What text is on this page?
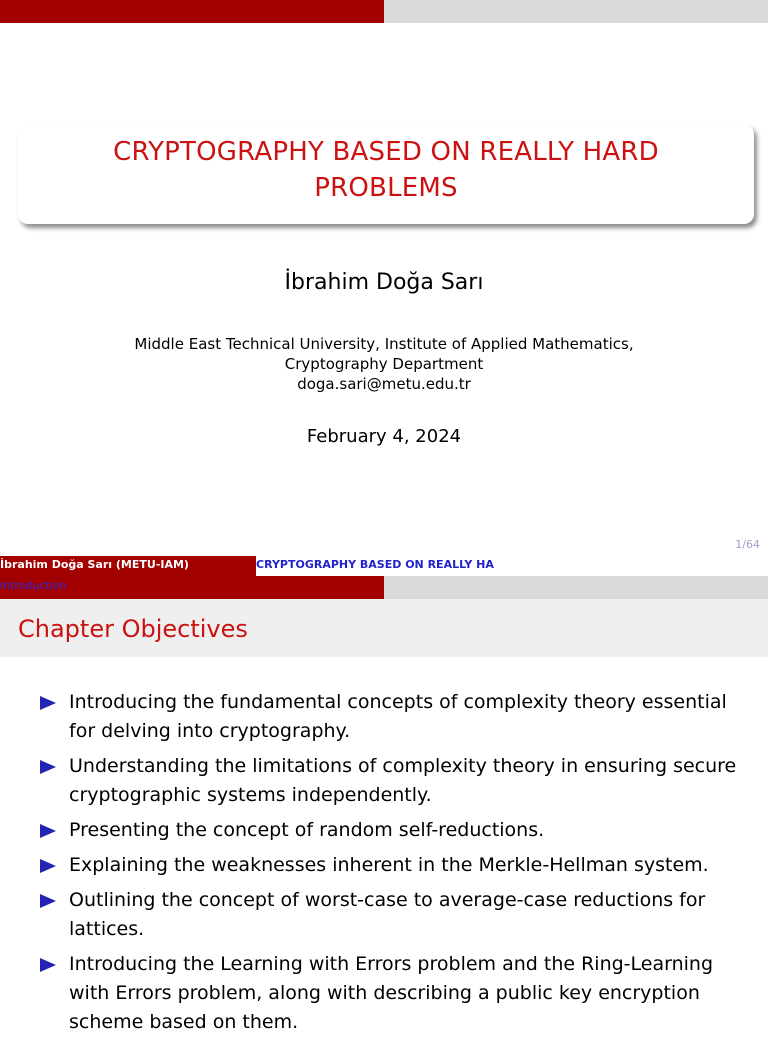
CRYPTOGRAPHY BASED ON REALLY HARD
PROBLEMS
İbrahim Doğa Sarı
Middle East Technical University, Institute of Applied Mathematics,
Cryptography Department
doga.sari@metu.edu.tr
February 4, 2024
1/64
İbrahim Doğa Sarı (METU-IAM)	CRYPTOGRAPHY BASED ON REALLY HA
Introduction
Chapter Objectives
Introducing the fundamental concepts of complexity theory essential for delving into cryptography.
Understanding the limitations of complexity theory in ensuring secure cryptographic systems independently.
Presenting the concept of random self-reductions.
Explaining the weaknesses inherent in the Merkle-Hellman system.
Outlining the concept of worst-case to average-case reductions for lattices.
Introducing the Learning with Errors problem and the Ring-Learning with Errors problem, along with describing a public key encryption scheme based on them.
